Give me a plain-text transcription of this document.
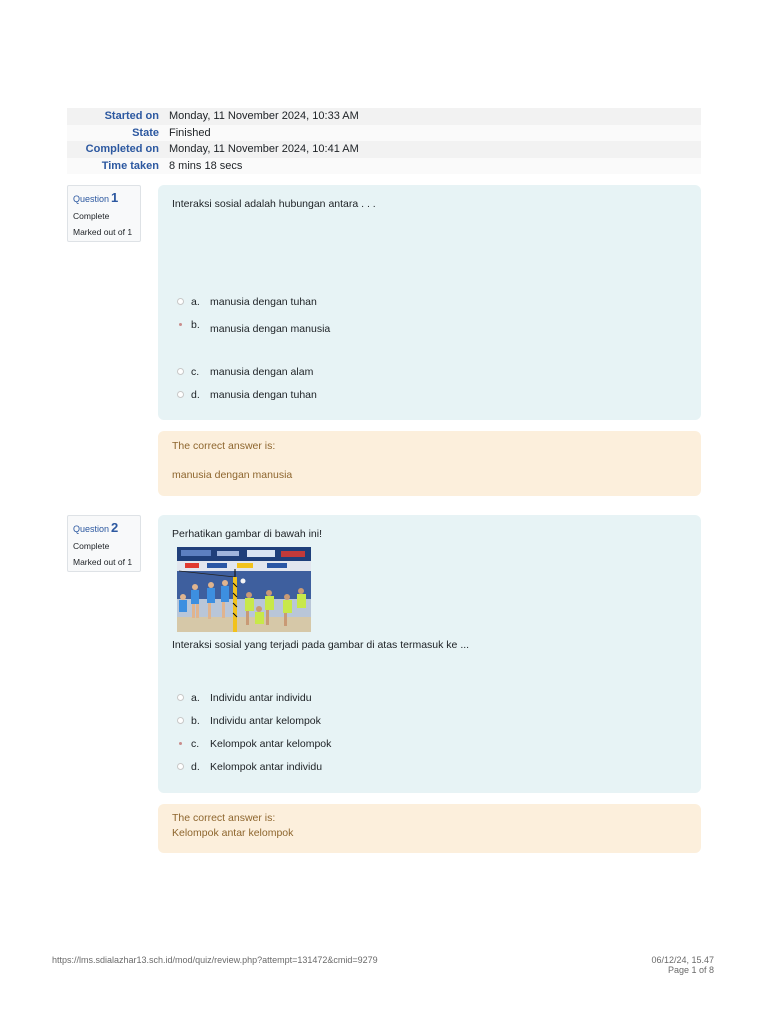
Started on Monday, 11 November 2024, 10:33 AM
State Finished
Completed on Monday, 11 November 2024, 10:41 AM
Time taken 8 mins 18 secs
Question 1
Complete
Marked out of 1
Interaksi sosial adalah hubungan antara . . .
a. manusia dengan tuhan
b. manusia dengan manusia
c.	manusia dengan alam
d. manusia dengan tuhan
The correct answer is:
manusia dengan manusia
Question 2
Complete
Marked out of 1
Perhatikan gambar di bawah ini!
Interaksi sosial yang terjadi pada gambar di atas termasuk ke ...
a. Individu antar individu
b. Individu antar kelompok
c.	Kelompok antar kelompok
d. Kelompok antar individu
The correct answer is:
Kelompok antar kelompok
https://lms.sdialazhar13.sch.id/mod/quiz/review.php?attempt=131472&cmid=9279	06/12/24, 15.47
Page 1 of 8
